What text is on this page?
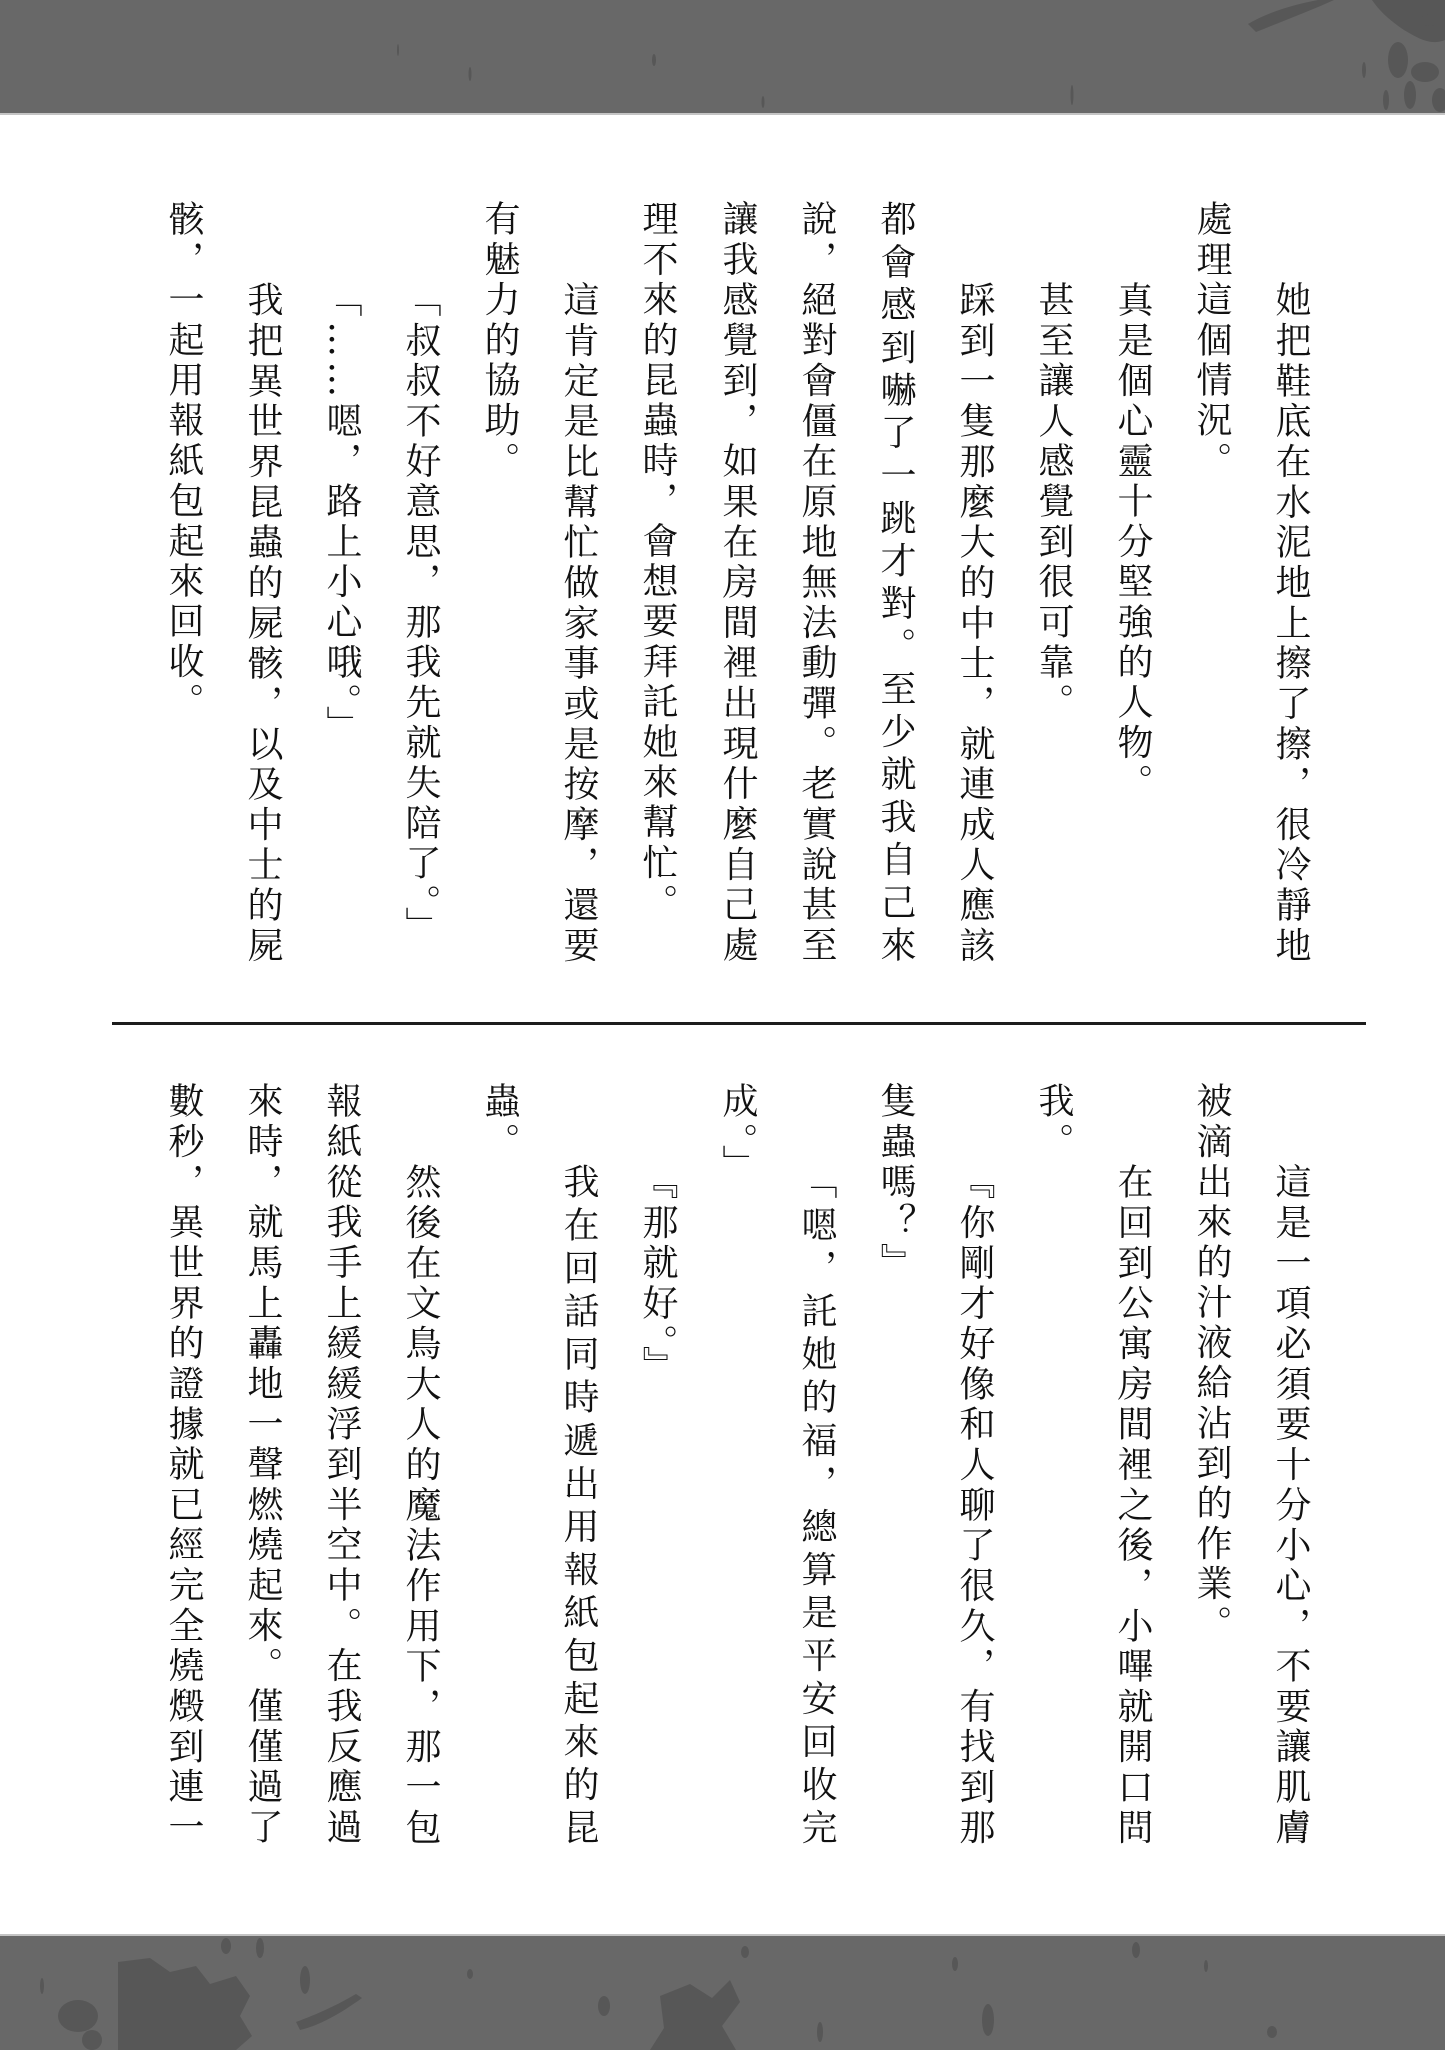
她把鞋底在水泥地上擦了擦，很冷靜地
處理這個情況。
真是個心靈十分堅強的人物。
甚至讓人感覺到很可靠。
踩到一隻那麼大的中士，就連成人應該
都會感到嚇了一跳才對。至少就我自己來
說，絕對會僵在原地無法動彈。老實說甚至
讓我感覺到，如果在房間裡出現什麼自己處
理不來的昆蟲時，會想要拜託她來幫忙。
這肯定是比幫忙做家事或是按摩，還要
有魅力的協助。
「叔叔不好意思，那我先就失陪了。」
「……嗯，路上小心哦。」
我把異世界昆蟲的屍骸，以及中士的屍
骸，一起用報紙包起來回收。
這是一項必須要十分小心，不要讓肌膚
被滴出來的汁液給沾到的作業。
在回到公寓房間裡之後，小嗶就開口問
我。
『你剛才好像和人聊了很久，有找到那
隻蟲嗎？』
「嗯，託她的福，總算是平安回收完
成。」
『那就好。』
我在回話同時遞出用報紙包起來的昆
蟲。
然後在文鳥大人的魔法作用下，那一包
報紙從我手上緩緩浮到半空中。在我反應過
來時，就馬上轟地一聲燃燒起來。僅僅過了
數秒，異世界的證據就已經完全燒燬到連一
